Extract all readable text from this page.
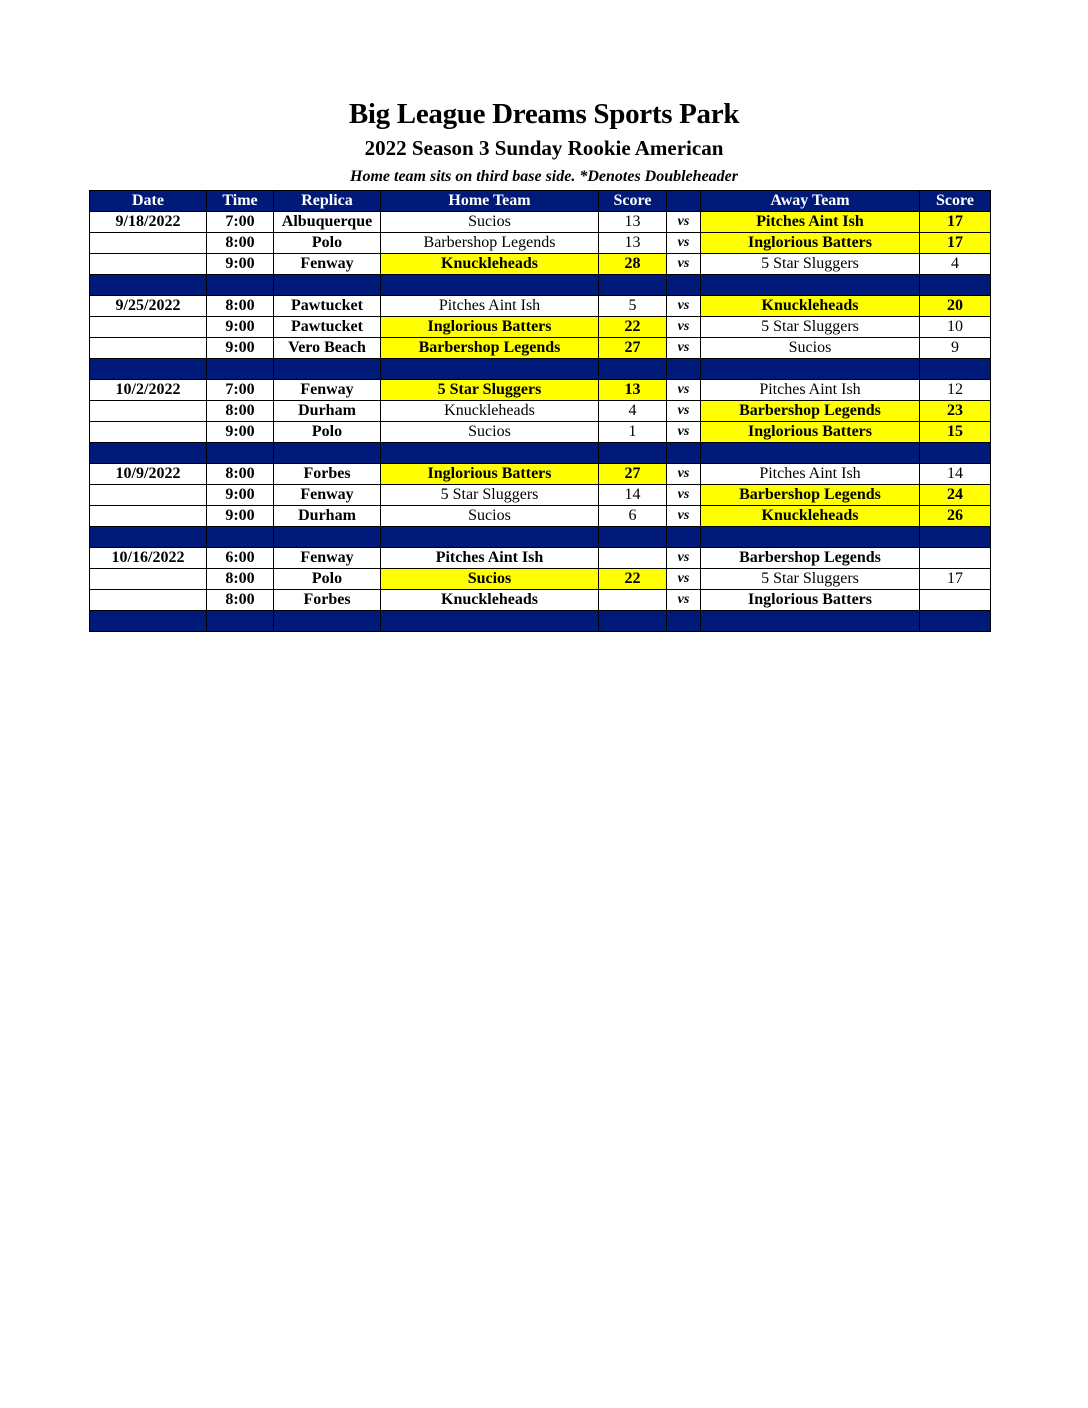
Big League Dreams Sports Park
2022 Season 3 Sunday Rookie American
Home team sits on third base side. *Denotes Doubleheader
Date	Time	Replica	Home Team	Score		Away Team	Score
9/18/2022	7:00	Albuquerque	Sucios	13	vs	Pitches Aint Ish	17
	8:00	Polo	Barbershop Legends	13	vs	Inglorious Batters	17
	9:00	Fenway	Knuckleheads	28	vs	5 Star Sluggers	4

9/25/2022	8:00	Pawtucket	Pitches Aint Ish	5	vs	Knuckleheads	20
	9:00	Pawtucket	Inglorious Batters	22	vs	5 Star Sluggers	10
	9:00	Vero Beach	Barbershop Legends	27	vs	Sucios	9

10/2/2022	7:00	Fenway	5 Star Sluggers	13	vs	Pitches Aint Ish	12
	8:00	Durham	Knuckleheads	4	vs	Barbershop Legends	23
	9:00	Polo	Sucios	1	vs	Inglorious Batters	15

10/9/2022	8:00	Forbes	Inglorious Batters	27	vs	Pitches Aint Ish	14
	9:00	Fenway	5 Star Sluggers	14	vs	Barbershop Legends	24
	9:00	Durham	Sucios	6	vs	Knuckleheads	26

10/16/2022	6:00	Fenway	Pitches Aint Ish		vs	Barbershop Legends	
	8:00	Polo	Sucios	22	vs	5 Star Sluggers	17
	8:00	Forbes	Knuckleheads		vs	Inglorious Batters	
